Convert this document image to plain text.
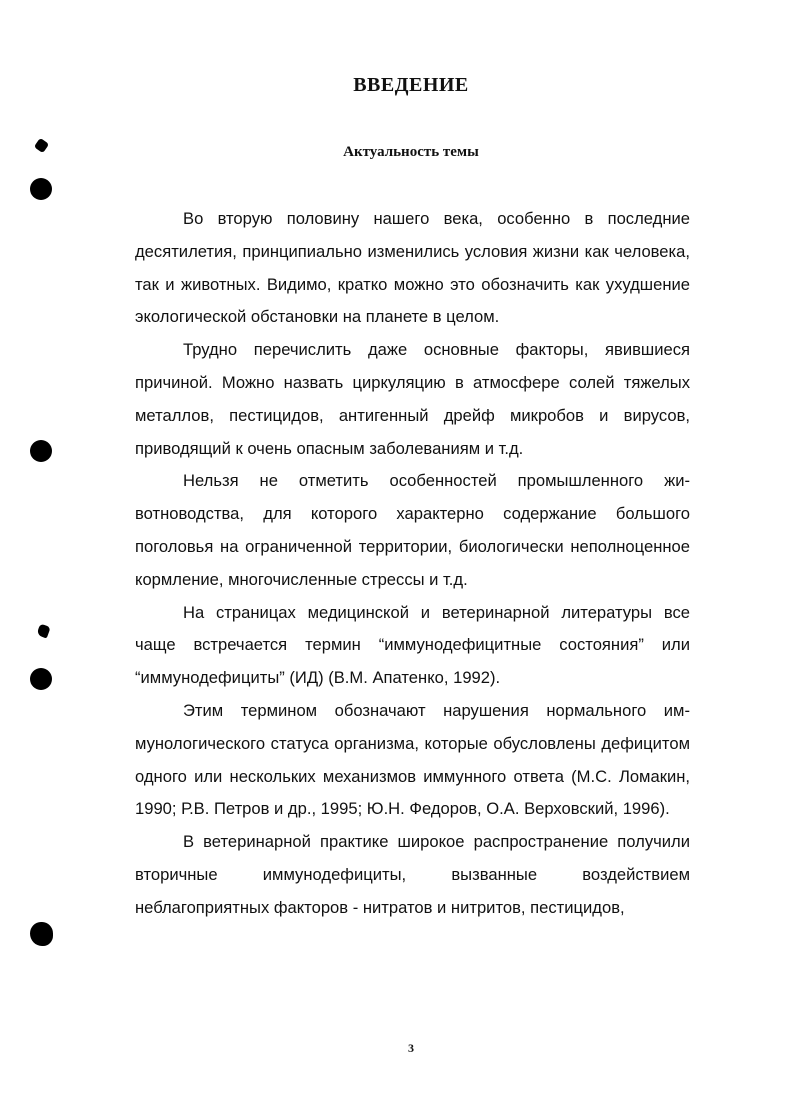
ВВЕДЕНИЕ
Актуальность темы

Во вторую половину нашего века, особенно в последние десятилетия, принципиально изменились условия жизни как человека, так и животных. Видимо, кратко можно это обозначить как ухудшение экологической обстановки на планете в целом.

Трудно перечислить даже основные факторы, явившиеся причиной. Можно назвать циркуляцию в атмосфере солей тяжелых металлов, пестицидов, антигенный дрейф микробов и вирусов, приводящий к очень опасным заболеваниям и т.д.

Нельзя не отметить особенностей промышленного животноводства, для которого характерно содержание большого поголовья на ограниченной территории, биологически неполноценное кормление, многочисленные стрессы и т.д.

На страницах медицинской и ветеринарной литературы все чаще встречается термин “иммунодефицитные состояния” или “иммунодефициты” (ИД) (В.М. Апатенко, 1992).

Этим термином обозначают нарушения нормального иммунологического статуса организма, которые обусловлены дефицитом одного или нескольких механизмов иммунного ответа (М.С. Ломакин, 1990; Р.В. Петров и др., 1995; Ю.Н. Федоров, О.А. Верховский, 1996).

В ветеринарной практике широкое распространение получили вторичные иммунодефициты, вызванные воздействием неблагоприятных факторов - нитратов и нитритов, пестицидов,

3
